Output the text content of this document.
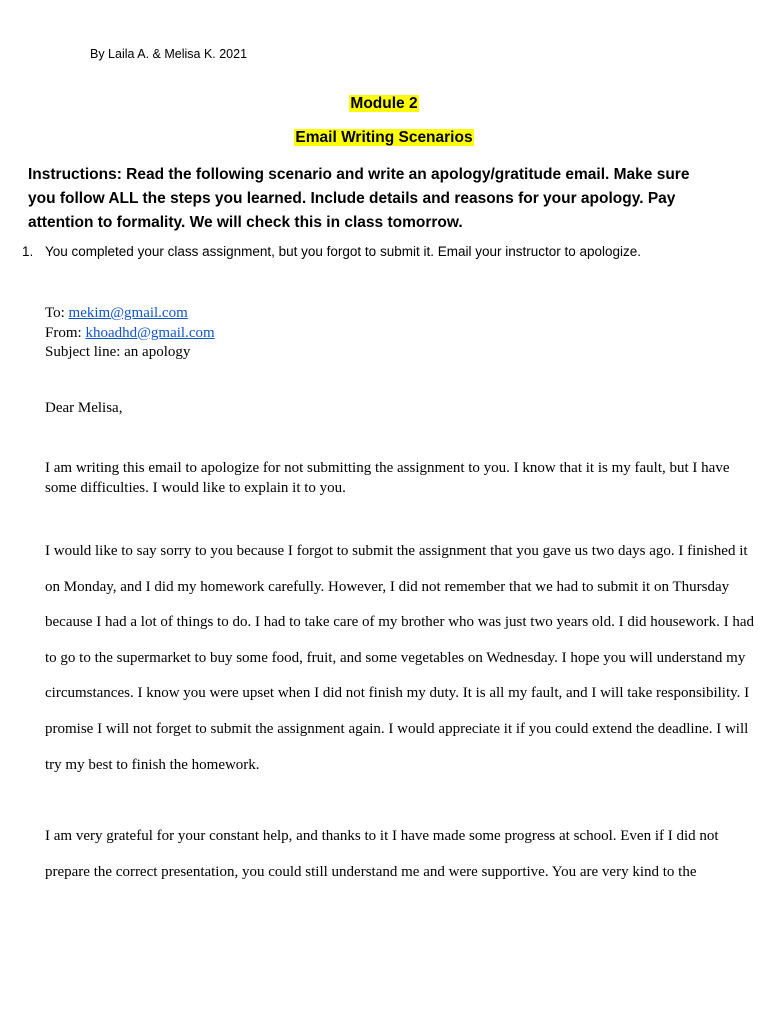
By Laila A. & Melisa K. 2021
Module 2
Email Writing Scenarios
Instructions: Read the following scenario and write an apology/gratitude email. Make sure you follow ALL the steps you learned. Include details and reasons for your apology. Pay attention to formality. We will check this in class tomorrow.
1. You completed your class assignment, but you forgot to submit it. Email your instructor to apologize.
To: mekim@gmail.com
From: khoadhd@gmail.com
Subject line: an apology
Dear Melisa,
I am writing this email to apologize for not submitting the assignment to you. I know that it is my fault, but I have some difficulties. I would like to explain it to you.
I would like to say sorry to you because I forgot to submit the assignment that you gave us two days ago. I finished it on Monday, and I did my homework carefully. However, I did not remember that we had to submit it on Thursday because I had a lot of things to do. I had to take care of my brother who was just two years old. I did housework. I had to go to the supermarket to buy some food, fruit, and some vegetables on Wednesday. I hope you will understand my circumstances. I know you were upset when I did not finish my duty. It is all my fault, and I will take responsibility. I promise I will not forget to submit the assignment again. I would appreciate it if you could extend the deadline. I will try my best to finish the homework.
I am very grateful for your constant help, and thanks to it I have made some progress at school. Even if I did not prepare the correct presentation, you could still understand me and were supportive. You are very kind to the
